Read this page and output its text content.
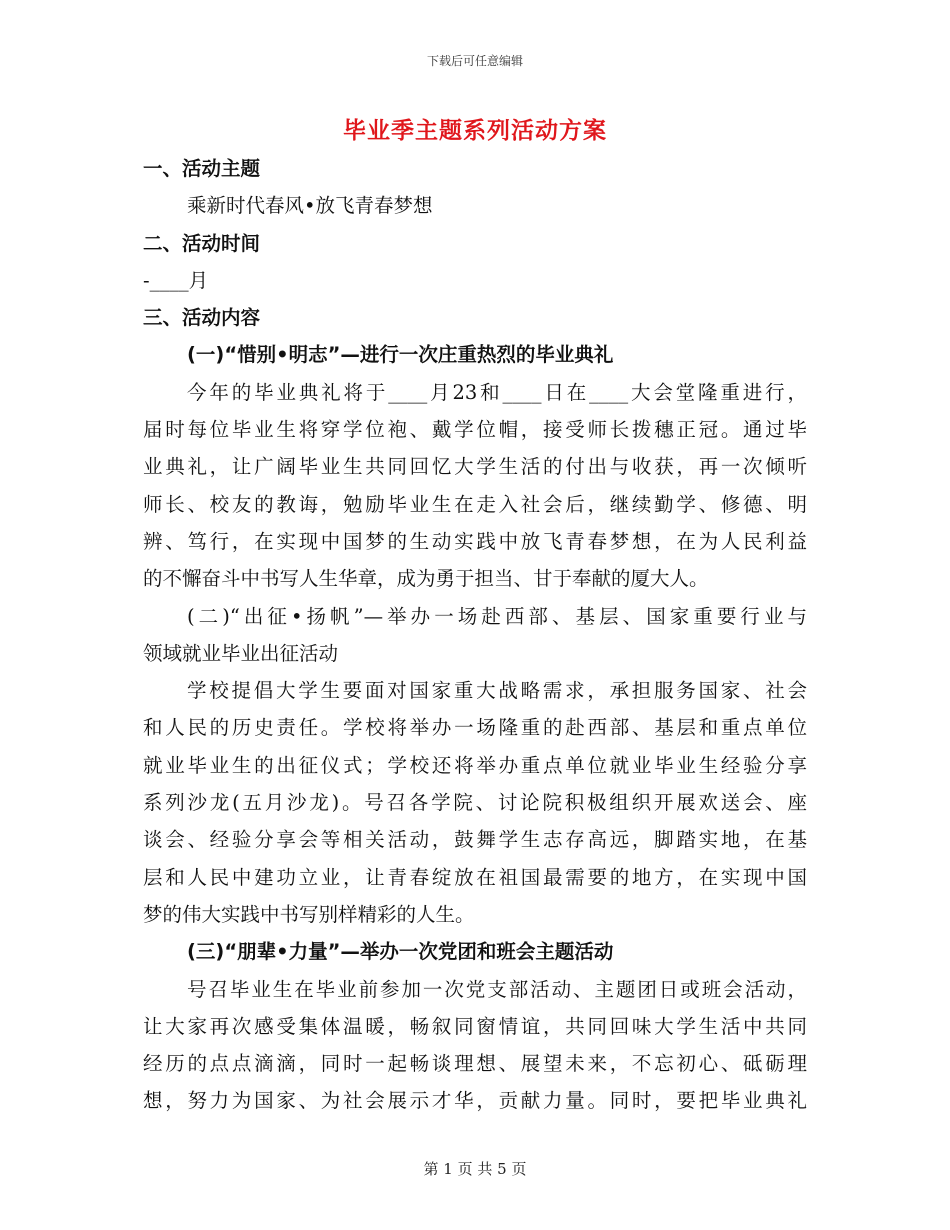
下载后可任意编辑
毕业季主题系列活动方案

一、活动主题

乘新时代春风•放飞青春梦想

二、活动时间

-____月

三、活动内容

(一)“惜别•明志”—进行一次庄重热烈的毕业典礼

今年的毕业典礼将于____月23和____日在____大会堂隆重进行，

届时每位毕业生将穿学位袍、戴学位帽，接受师长拨穗正冠。通过毕

业典礼，让广阔毕业生共同回忆大学生活的付出与收获，再一次倾听

师长、校友的教诲，勉励毕业生在走入社会后，继续勤学、修德、明

辨、笃行，在实现中国梦的生动实践中放飞青春梦想，在为人民利益

的不懈奋斗中书写人生华章，成为勇于担当、甘于奉献的厦大人。

(二)“出征•扬帆”—举办一场赴西部、基层、国家重要行业与

领域就业毕业出征活动

学校提倡大学生要面对国家重大战略需求，承担服务国家、社会

和人民的历史责任。学校将举办一场隆重的赴西部、基层和重点单位

就业毕业生的出征仪式；学校还将举办重点单位就业毕业生经验分享

系列沙龙(五月沙龙)。号召各学院、讨论院积极组织开展欢送会、座

谈会、经验分享会等相关活动，鼓舞学生志存高远，脚踏实地，在基

层和人民中建功立业，让青春绽放在祖国最需要的地方，在实现中国

梦的伟大实践中书写别样精彩的人生。

(三)“朋辈•力量”—举办一次党团和班会主题活动

号召毕业生在毕业前参加一次党支部活动、主题团日或班会活动，

让大家再次感受集体温暖，畅叙同窗情谊，共同回味大学生活中共同

经历的点点滴滴，同时一起畅谈理想、展望未来，不忘初心、砥砺理

想，努力为国家、为社会展示才华，贡献力量。同时，要把毕业典礼

第 1 页 共 5 页
